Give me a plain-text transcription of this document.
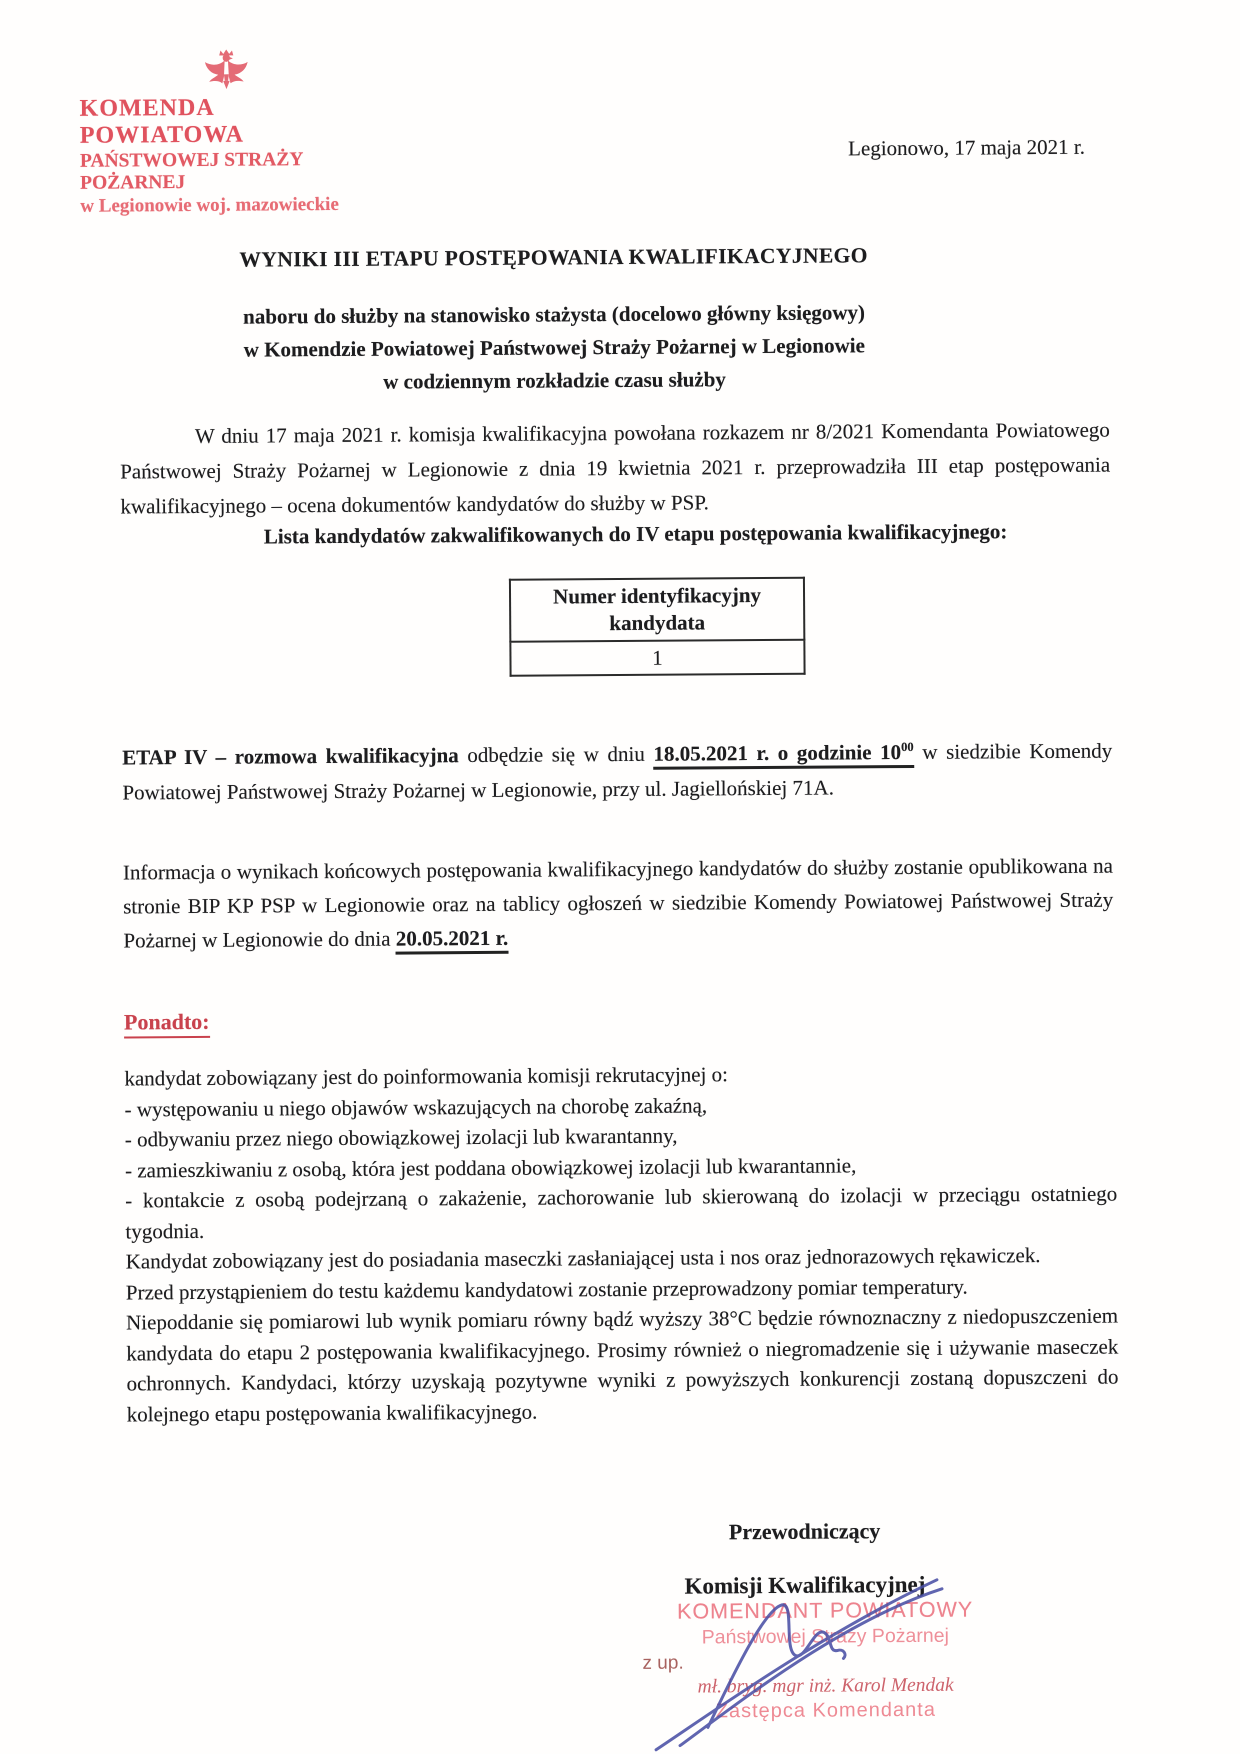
KOMENDA POWIATOWA
PAŃSTWOWEJ STRAŻY POŻARNEJ
w Legionowie woj. mazowieckie
Legionowo, 17 maja 2021 r.
WYNIKI III ETAPU POSTĘPOWANIA KWALIFIKACYJNEGO
naboru do służby na stanowisko stażysta (docelowo główny księgowy)
w Komendzie Powiatowej Państwowej Straży Pożarnej w Legionowie
w codziennym rozkładzie czasu służby
W dniu 17 maja 2021 r. komisja kwalifikacyjna powołana rozkazem nr 8/2021 Komendanta Powiatowego Państwowej Straży Pożarnej w Legionowie z dnia 19 kwietnia 2021 r. przeprowadziła III etap postępowania kwalifikacyjnego – ocena dokumentów kandydatów do służby w PSP.
Lista kandydatów zakwalifikowanych do IV etapu postępowania kwalifikacyjnego:
Numer identyfikacyjny kandydata
1
ETAP IV – rozmowa kwalifikacyjna odbędzie się w dniu 18.05.2021 r. o godzinie $10^{00}$ w siedzibie Komendy Powiatowej Państwowej Straży Pożarnej w Legionowie, przy ul. Jagiellońskiej 71A.
Informacja o wynikach końcowych postępowania kwalifikacyjnego kandydatów do służby zostanie opublikowana na stronie BIP KP PSP w Legionowie oraz na tablicy ogłoszeń w siedzibie Komendy Powiatowej Państwowej Straży Pożarnej w Legionowie do dnia 20.05.2021 r.
Ponadto:

kandydat zobowiązany jest do poinformowania komisji rekrutacyjnej o:

- występowaniu u niego objawów wskazujących na chorobę zakaźną,

- odbywaniu przez niego obowiązkowej izolacji lub kwarantanny,

- zamieszkiwaniu z osobą, która jest poddana obowiązkowej izolacji lub kwarantannie,

- kontakcie z osobą podejrzaną o zakażenie, zachorowanie lub skierowaną do izolacji w przeciągu ostatniego tygodnia.

Kandydat zobowiązany jest do posiadania maseczki zasłaniającej usta i nos oraz jednorazowych rękawiczek.

Przed przystąpieniem do testu każdemu kandydatowi zostanie przeprowadzony pomiar temperatury.

Niepoddanie się pomiarowi lub wynik pomiaru równy bądź wyższy 38°C będzie równoznaczny z niedopuszczeniem kandydata do etapu 2 postępowania kwalifikacyjnego. Prosimy również o niegromadzenie się i używanie maseczek ochronnych. Kandydaci, którzy uzyskają pozytywne wyniki z powyższych konkurencji zostaną dopuszczeni do kolejnego etapu postępowania kwalifikacyjnego.

Przewodniczący
Komisji Kwalifikacyjnej
KOMENDANT POWIATOWY
Państwowej Straży Pożarnej
z up.
mł. bryg. mgr inż. Karol Mendak
Zastępca Komendanta
